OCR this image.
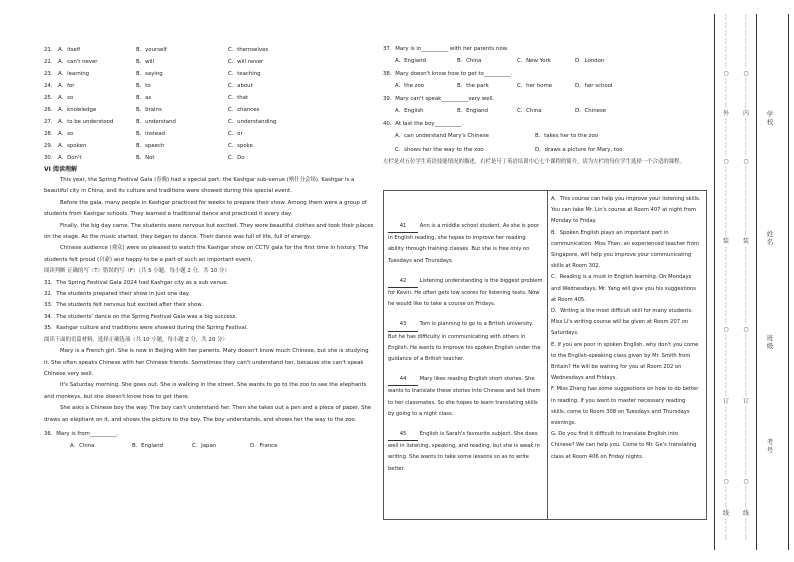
21.	A．itself	B．yourself	C．themselves
22.	A．can't never	B．will	C．will never
23.	A．learning	B．saying	C．teaching
24.	A．for	B．to	C．about
25.	A．so	B．as	C．that
26.	A．knowledge	B．brains	C．chances
27.	A．to be understood	B．understand	C．understanding
28.	A．so	B．instead	C．or
29.	A．spoken	B．speech	C．spoke
30.	A．Don't	B．Not	C．Do
VI 阅读理解

This year, the Spring Festival Gala (春晚) had a special part: the Kashgar sub-venue (喀什分会场). Kashgar is a beautiful city in China, and its culture and traditions were showed during this special event.

Before the gala, many people in Kashgar practiced for weeks to prepare their show. Among them were a group of students from Kashgar schools. They learned a traditional dance and practiced it every day.

Finally, the big day came. The students were nervous but excited. They wore beautiful clothes and took their places on the stage. As the music started, they began to dance. Their dance was full of life, full of energy.

Chinese audience (观众) were so pleased to watch the Kashgar show on CCTV gala for the first time in history. The students felt proud (自豪) and happy to be a part of such an important event.

阅读判断 正确的写（T）错误的写（F）（共 5 小题，每小题 2 分，共 10 分）
31．The Spring Festival Gala 2024 had Kashgar city as a sub venue.
32．The students prepared their show in just one day.
33．The students felt nervous but excited after their show.
34．The students' dance on the Spring Festival Gala was a big success.
35．Kashgar culture and traditions were showed during the Spring Festival.
阅读下面的语篇材料，选择正确选项（共 10 小题，每小题 2 分，共 20 分）

Mary is a French girl. She is now in Beijing with her parents. Mary doesn't know much Chinese, but she is studying it. She often speaks Chinese with her Chinese friends. Sometimes they can't understand her, because she can't speak Chinese very well.

It's Saturday morning. She goes out. She is walking in the street. She wants to go to the zoo to see the elephants and monkeys, but she doesn't know how to get there.

She asks a Chinese boy the way. The boy can't understand her. Then she takes out a pen and a piece of paper. She draws an elephant on it, and shows the picture to the boy. The boy understands, and shows her the way to the zoo.

36．Mary is from__________.
A．China	B．England	C．Japan	D．France
37．Mary is in__________ with her parents now.
A．England	B．China	C．New York	D．London
38．Mary doesn't know how to get to__________.
A．the zoo	B．the park	C．her home	D．her school
39．Mary can't speak__________very well.
A．English	B．England	C．China	D．Chinese
40．At last the boy__________.
A．can understand Mary's Chinese	B．takes her to the zoo
C．shows her the way to the zoo	D．draws a picture for Mary, too
左栏是对五位学生英语技能情况的描述，右栏是马丁英语培训中心七个课程的简介，请为左栏的每位学生选择一个合适的课程。

41	Ann is a middle school student. As she is poor in English reading, she hopes to improve her reading ability through training classes. But she is free only on Tuesdays and Thursdays.

42	Listening understanding is the biggest problem for Kevin. He often gets low scores for listening tests. Now he would like to take a course on Fridays.

43	Tom is planning to go to a British university. But he has difficulty in communicating with others in English. He wants to improve his spoken English under the guidance of a British teacher.

44	Mary likes reading English short stories. She wants to translate these stories into Chinese and tell them to her classmates. So she hopes to learn translating skills by going to a night class.

45	English is Sarah's favourite subject. She does well in listening, speaking, and reading, but she is weak in writing. She wants to take some lessons so as to write better.

A．This course can help you improve your listening skills. You can take Mr. Lin's course at Room 407 at night from Monday to Friday.

B．Spoken English plays an important part in communication. Miss Then, an experienced teacher from Singapore, will help you improve your communicating skills at Room 302.

C．Reading is a must in English learning. On Mondays and Wednesdays, Mr. Yang will give you his suggestions at Room 405.

D．Writing is the most difficult skill for many students. Miss Li's writing course will be given at Room 207 on Saturdays.

E. If you are poor in spoken English, why don't you come to the English-speaking class given by Mr. Smith from Britain? He will be waiting for you at Room 202 on Wednesdays and Fridays.

F. Miss Zhang has some suggestions on how to do better in reading. If you want to master necessary reading skills, come to Room 308 on Tuesdays and Thursdays evenings.

G. Do you find it difficult to translate English into Chinese? We can help you. Come to Mr. Ge's translating class at Room 406 on Friday nights.

⋮
⋮
⋮
⋮
⋮
⋮
⋮
○
⋮
⋮
⋮
⋮
外
⋮
⋮
⋮
⋮
⋮
○
⋮
⋮
⋮
⋮
⋮
⋮
⋮
⋮
⋮
装
⋮
⋮
⋮
⋮
⋮
⋮
⋮
⋮
⋮
⋮
○
⋮
⋮
⋮
⋮
⋮
⋮
⋮
⋮
订
⋮
⋮
⋮
⋮
⋮
⋮
⋮
⋮
⋮
○
⋮
⋮
⋮
线
⋮
⋮
⋮
⋮
⋮
⋮
⋮
⋮
⋮
⋮
○
⋮
⋮
⋮
⋮
内
⋮
⋮
⋮
⋮
⋮
○
⋮
⋮
⋮
⋮
⋮
⋮
⋮
⋮
⋮
装
⋮
⋮
⋮
⋮
⋮
⋮
⋮
⋮
⋮
⋮
○
⋮
⋮
⋮
⋮
⋮
⋮
⋮
⋮
订
⋮
⋮
⋮
⋮
⋮
⋮
⋮
⋮
⋮
○
⋮
⋮
⋮
线
⋮
⋮
⋮
学校
姓名
班级
考号
